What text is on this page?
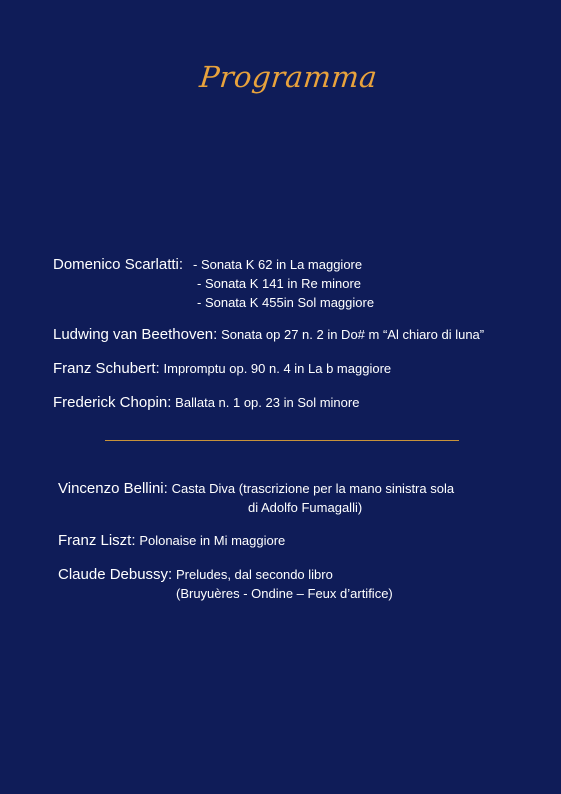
Programma
Domenico Scarlatti: - Sonata K 62 in La maggiore
- Sonata K 141 in Re minore
- Sonata K 455in Sol maggiore
Ludwing van Beethoven: Sonata op 27 n. 2 in Do# m “Al chiaro di luna”
Franz Schubert: Impromptu op. 90 n. 4 in La b maggiore
Frederick Chopin: Ballata n. 1 op. 23 in Sol minore
Vincenzo Bellini: Casta Diva (trascrizione per la mano sinistra sola
di Adolfo Fumagalli)
Franz Liszt: Polonaise in Mi maggiore
Claude Debussy: Preludes, dal secondo libro
(Bruyuères - Ondine – Feux d’artifice)
